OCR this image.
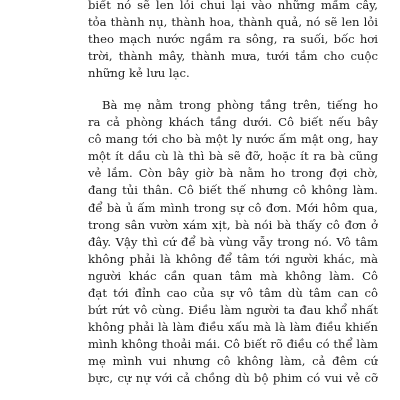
biết nó sẽ len lỏi chui lại vào những mầm cây,
tỏa thành nụ, thành hoa, thành quả, nó sẽ len lỏi
theo mạch nước ngầm ra sông, ra suối, bốc hơi
trời, thành mây, thành mưa, tưới tắm cho cuộc
những kẻ lưu lạc.
Bà mẹ nằm trong phòng tầng trên, tiếng ho
ra cả phòng khách tầng dưới. Cô biết nếu bây
cô mang tới cho bà một ly nước ấm mật ong, hay
một ít dầu cù là thì bà sẽ đỡ, hoặc ít ra bà cũng
vẻ lắm. Còn bây giờ bà nằm ho trong đợi chờ,
đang tủi thân. Cô biết thế nhưng cô không làm.
để bà ủ ấm mình trong sự cô đơn. Mới hôm qua,
trong sân vườn xám xịt, bà nói bà thấy cô đơn ở
đây. Vậy thì cứ để bà vùng vẫy trong nó. Vô tâm
không phải là không để tâm tới người khác, mà
người khác cần quan tâm mà không làm. Cô
đạt tới đỉnh cao của sự vô tâm dù tâm can cô
bứt rứt vô cùng. Điều làm người ta đau khổ nhất
không phải là làm điều xấu mà là làm điều khiến
mình không thoải mái. Cô biết rõ điều có thể làm
mẹ mình vui nhưng cô không làm, cả đêm cứ
bực, cự nự với cả chồng dù bộ phim có vui vẻ cỡ
